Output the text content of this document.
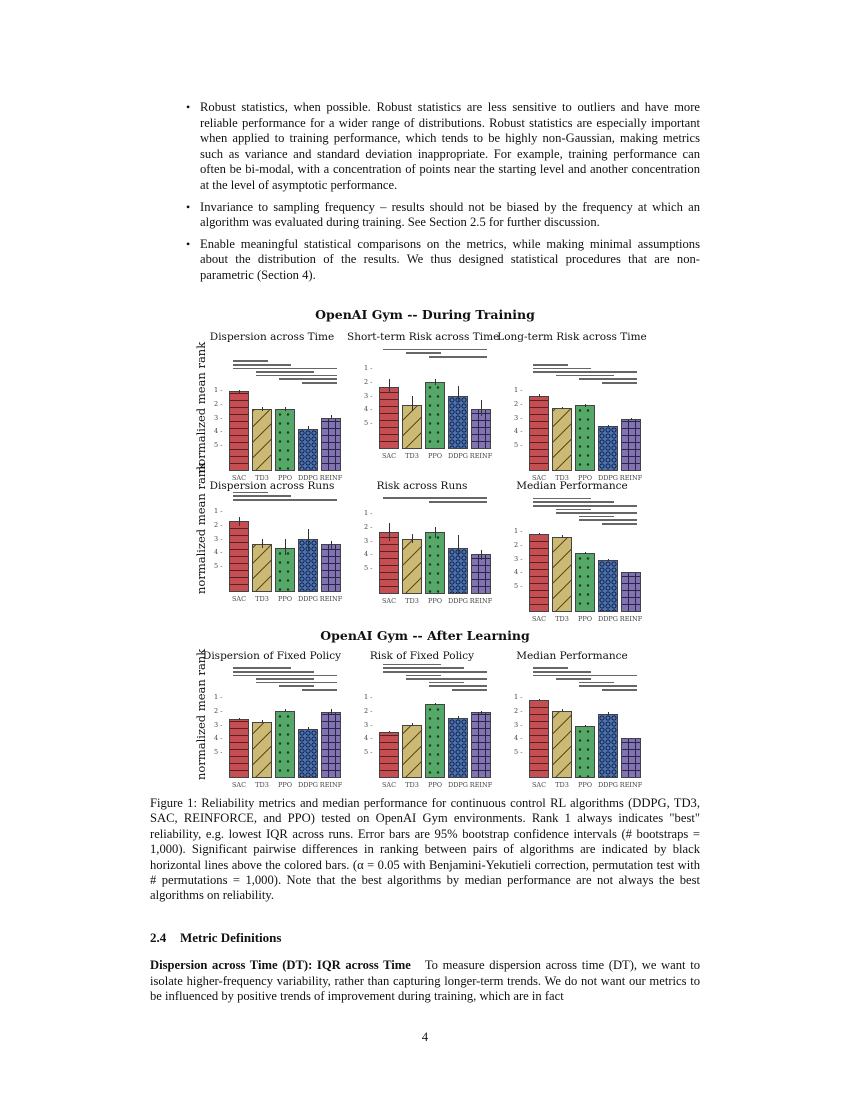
• Robust statistics, when possible. Robust statistics are less sensitive to outliers and have more reliable performance for a wider range of distributions. Robust statistics are especially important when applied to training performance, which tends to be highly non-Gaussian, making metrics such as variance and standard deviation inappropriate. For example, training performance can often be bi-modal, with a concentration of points near the starting level and another concentration at the level of asymptotic performance.
• Invariance to sampling frequency – results should not be biased by the frequency at which an algorithm was evaluated during training. See Section 2.5 for further discussion.
• Enable meaningful statistical comparisons on the metrics, while making minimal assumptions about the distribution of the results. We thus designed statistical procedures that are non-parametric (Section 4).
OpenAI Gym -- During Training
OpenAI Gym -- After Learning
Dispersion across Time
normalized mean rank 1 -
2 -
3 -
4 -
5 -
SAC	TD3	PPO DDPG REINF
Short-term Risk across Time
1 -
2 -
3 -
4 -
5 -
SAC	TD3	PPO DDPG REINF
Long-term Risk across Time
1 -
2 -
3 -
4 -
5 -
SAC	TD3	PPO DDPG REINF
Dispersion across Runs
normalized mean rank 1 -
2 -
3 -
4 -
5 -
SAC	TD3	PPO DDPG REINF
Risk across Runs
1 -
2 -
3 -
4 -
5 -
SAC	TD3	PPO DDPG REINF
Median Performance
1 -
2 -
3 -
4 -
5 -
SAC	TD3	PPO DDPG REINF
Dispersion of Fixed Policy
normalized mean rank 1 -
2 -
3 -
4 -
5 -
SAC	TD3	PPO DDPG REINF
Risk of Fixed Policy
1 -
2 -
3 -
4 -
5 -
SAC	TD3	PPO DDPG REINF
Median Performance
1 -
2 -
3 -
4 -
5 -
SAC	TD3	PPO DDPG REINF
Figure 1: Reliability metrics and median performance for continuous control RL algorithms (DDPG, TD3, SAC, REINFORCE, and PPO) tested on OpenAI Gym environments. Rank 1 always indicates "best" reliability, e.g. lowest IQR across runs. Error bars are 95% bootstrap confidence intervals (# bootstraps = 1,000). Significant pairwise differences in ranking between pairs of algorithms are indicated by black horizontal lines above the colored bars. (α = 0.05 with Benjamini-Yekutieli correction, permutation test with # permutations = 1,000). Note that the best algorithms by median performance are not always the best algorithms on reliability.
2.4 Metric Definitions
Dispersion across Time (DT): IQR across Time To measure dispersion across time (DT), we want to isolate higher-frequency variability, rather than capturing longer-term trends. We do not want our metrics to be influenced by positive trends of improvement during training, which are in fact
4
